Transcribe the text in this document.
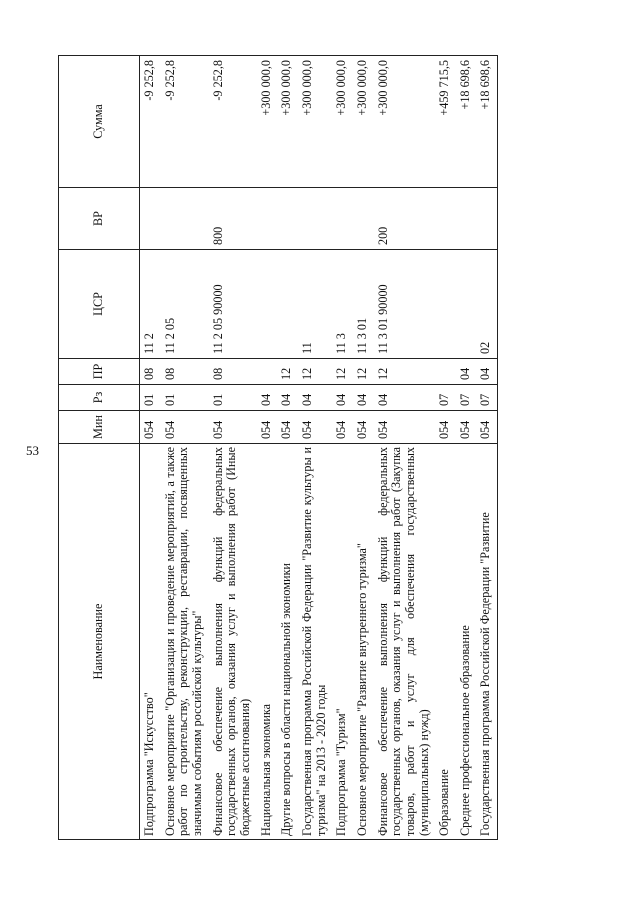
53
Наименование	Мин	Рз	ПР	ЦСР	ВР	Сумма
Подпрограмма "Искусство"	054	01	08	11 2		-9 252,8
Основное мероприятие "Организация и проведение мероприятий, а также работ по строительству, реконструкции, реставрации, посвященных значимым событиям российской культуры"	054	01	08	11 2 05		-9 252,8
Финансовое обеспечение выполнения функций федеральных государственных органов, оказания услуг и выполнения работ (Иные бюджетные ассигнования)	054	01	08	11 2 05 90000	800	-9 252,8
Национальная экономика	054	04				+300 000,0
Другие вопросы в области национальной экономики	054	04	12			+300 000,0
Государственная программа Российской Федерации "Развитие культуры и туризма" на 2013 - 2020 годы	054	04	12	11		+300 000,0
Подпрограмма "Туризм"	054	04	12	11 3		+300 000,0
Основное мероприятие "Развитие внутреннего туризма"	054	04	12	11 3 01		+300 000,0
Финансовое обеспечение выполнения функций федеральных государственных органов, оказания услуг и выполнения работ (Закупка товаров, работ и услуг для обеспечения государственных (муниципальных) нужд)	054	04	12	11 3 01 90000	200	+300 000,0
Образование	054	07				+459 715,5
Среднее профессиональное образование	054	07	04			+18 698,6
Государственная программа Российской Федерации "Развитие	054	07	04	02		+18 698,6
